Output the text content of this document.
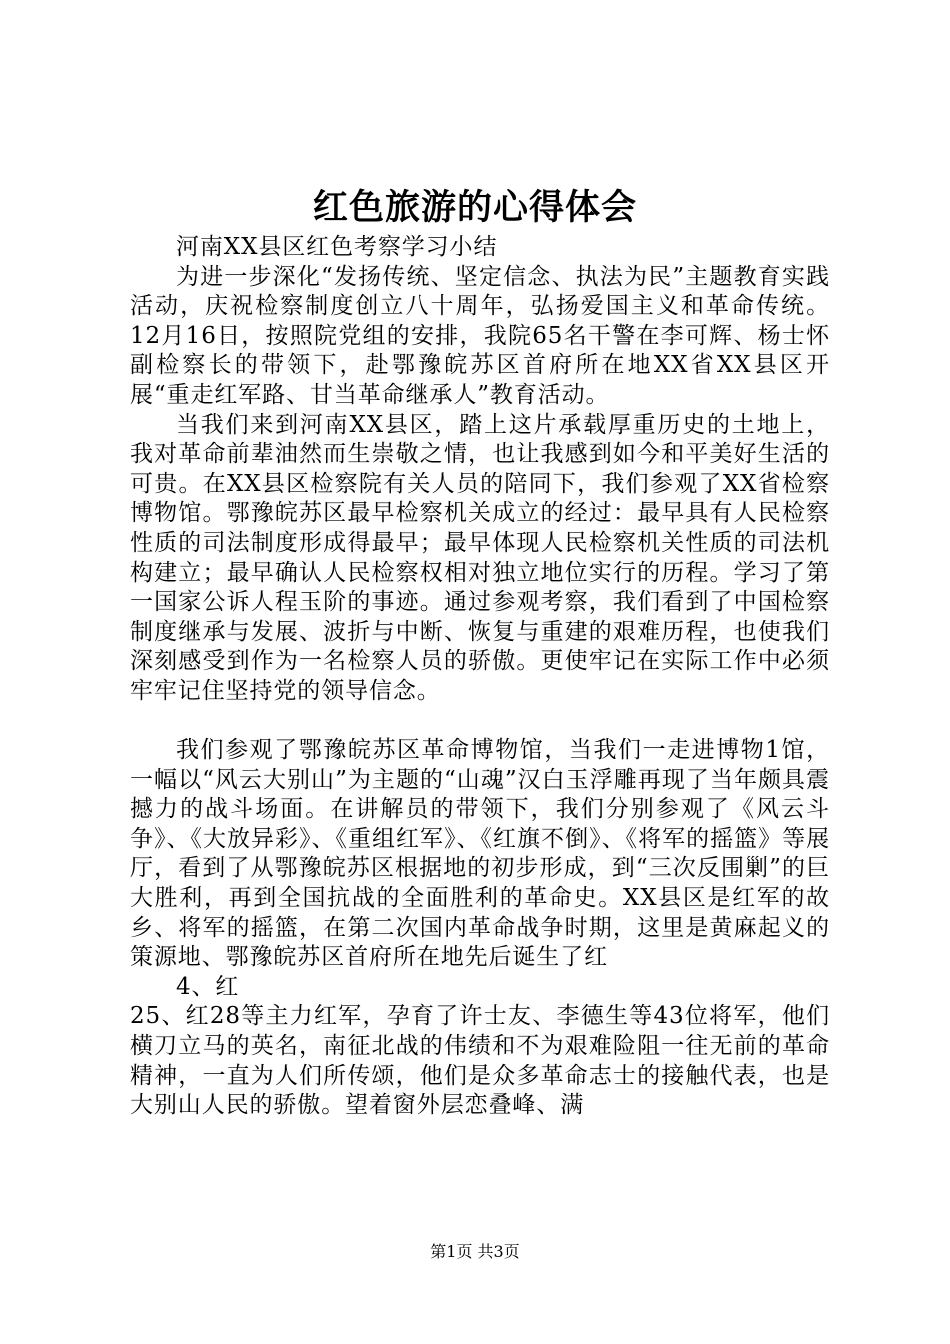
红色旅游的心得体会

河南XX县区红色考察学习小结

为进一步深化“发扬传统、坚定信念、执法为民”主题教育实践活动，庆祝检察制度创立八十周年，弘扬爱国主义和革命传统。12月16日，按照院党组的安排，我院65名干警在李可辉、杨士怀副检察长的带领下，赴鄂豫皖苏区首府所在地XX省XX县区开展“重走红军路、甘当革命继承人”教育活动。

当我们来到河南XX县区，踏上这片承载厚重历史的土地上，我对革命前辈油然而生崇敬之情，也让我感到如今和平美好生活的可贵。在XX县区检察院有关人员的陪同下，我们参观了XX省检察博物馆。鄂豫皖苏区最早检察机关成立的经过：最早具有人民检察性质的司法制度形成得最早；最早体现人民检察机关性质的司法机构建立；最早确认人民检察权相对独立地位实行的历程。学习了第一国家公诉人程玉阶的事迹。通过参观考察，我们看到了中国检察制度继承与发展、波折与中断、恢复与重建的艰难历程，也使我们深刻感受到作为一名检察人员的骄傲。更使牢记在实际工作中必须牢牢记住坚持党的领导信念。

我们参观了鄂豫皖苏区革命博物馆，当我们一走进博物1馆，一幅以“风云大别山”为主题的“山魂”汉白玉浮雕再现了当年颇具震撼力的战斗场面。在讲解员的带领下，我们分别参观了《风云斗争》、《大放异彩》、《重组红军》、《红旗不倒》、《将军的摇篮》等展厅，看到了从鄂豫皖苏区根据地的初步形成，到“三次反围剿”的巨大胜利，再到全国抗战的全面胜利的革命史。XX县区是红军的故乡、将军的摇篮，在第二次国内革命战争时期，这里是黄麻起义的策源地、鄂豫皖苏区首府所在地先后诞生了红

4、红

25、红28等主力红军，孕育了许士友、李德生等43位将军，他们横刀立马的英名，南征北战的伟绩和不为艰难险阻一往无前的革命精神，一直为人们所传颂，他们是众多革命志士的接触代表，也是大别山人民的骄傲。望着窗外层恋叠峰、满

第1页 共3页
